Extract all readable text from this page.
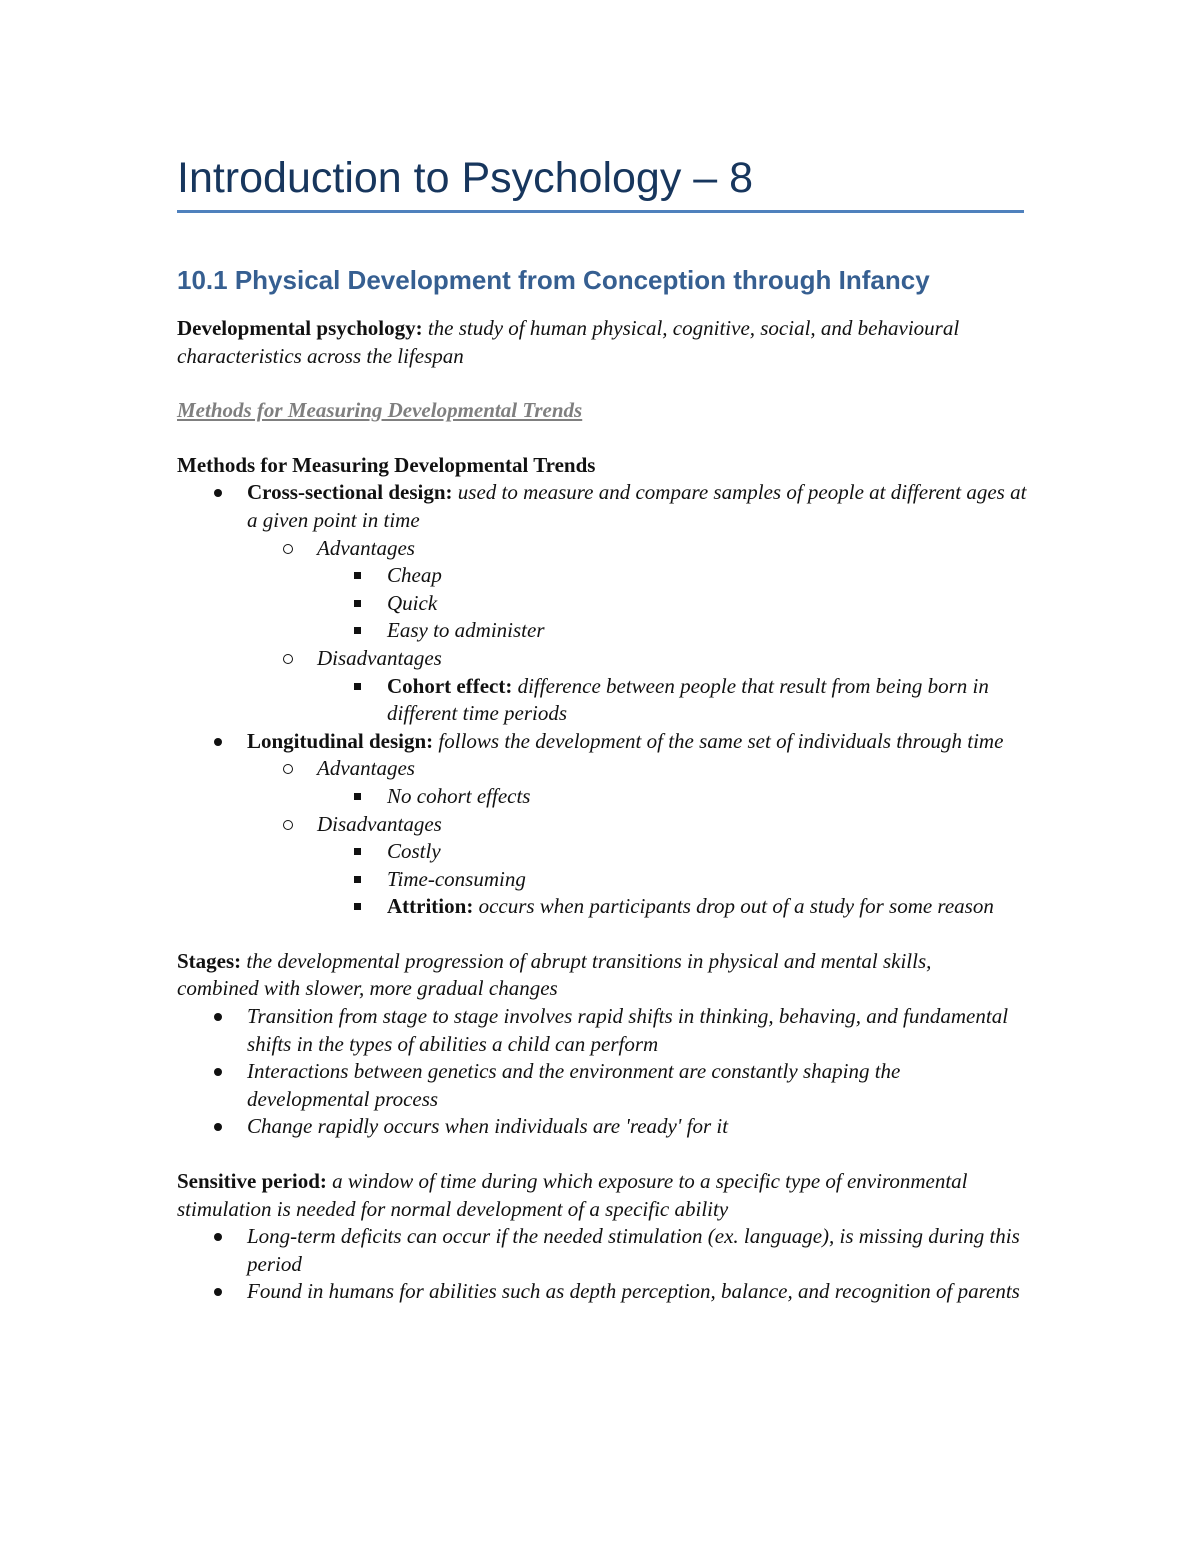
Introduction to Psychology – 8
10.1 Physical Development from Conception through Infancy

Developmental psychology: the study of human physical, cognitive, social, and behavioural characteristics across the lifespan

Methods for Measuring Developmental Trends

Methods for Measuring Developmental Trends

Cross-sectional design: used to measure and compare samples of people at different ages at a given point in time
Advantages
Cheap
Quick
Easy to administer
Disadvantages
Cohort effect: difference between people that result from being born in different time periods
Longitudinal design: follows the development of the same set of individuals through time
Advantages
No cohort effects
Disadvantages
Costly
Time-consuming
Attrition: occurs when participants drop out of a study for some reason

Stages: the developmental progression of abrupt transitions in physical and mental skills, combined with slower, more gradual changes

Transition from stage to stage involves rapid shifts in thinking, behaving, and fundamental shifts in the types of abilities a child can perform
Interactions between genetics and the environment are constantly shaping the developmental process
Change rapidly occurs when individuals are 'ready' for it

Sensitive period: a window of time during which exposure to a specific type of environmental stimulation is needed for normal development of a specific ability

Long-term deficits can occur if the needed stimulation (ex. language), is missing during this period
Found in humans for abilities such as depth perception, balance, and recognition of parents
